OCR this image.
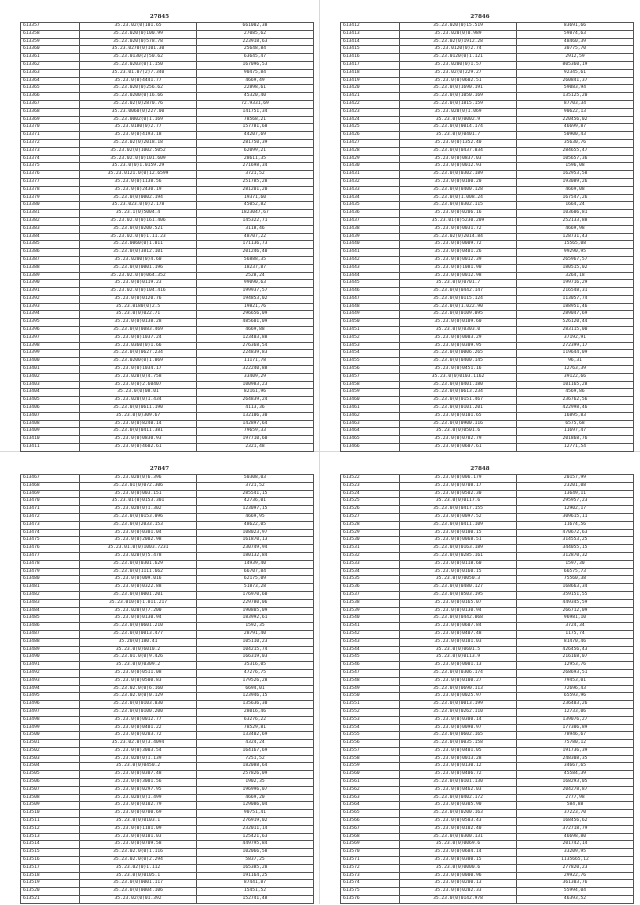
27845
613357	35.23.02(0)101.65	661002,38
613358	35.23.020(0)100.99	27085,62
613359	35.23.020(0)578.78	223918,63
613360	35.23.0270(0)101.30	25648,84
613361	35.23.0130(2)50.62	63645,47
613362	35.23.0203(0)1.150	167096,53
613363	35.23.01.07(2)7.340	90475,84
613364	35.23.0(0)4441.77	4669,49
613365	35.23.020(0)256.62	22898,61
613366	35.23.0200(0)16.66	45320,40
613367	35.23.02(0)2870.76	72.9331,69
613368	35.23.0060(0)227.00	141751,34
613369	35.23.0002(0)1.169	78568,21
613370	35.23.0180(0)2.77	157781,68
613371	35.23.0(0)4193.18	44207,69
613372	35.23.02(0)2018.18	281750,39
613373	35.23.02(0)1002.5052	62099,21
613374	35.23.02.0(0)101.609	28611,35
613375	35.23.0(0)1.0159.29	271698,34
613376	35.23.0121.0(0)12.6599	3721,52
613377	35.23.0(0)1138.56	251785,28
613378	35.23.0(0)2430.19	281201,20
613379	35.23.0(0)0002.194	19371,60
613380	35.23.023.0(0)2.178	45052,82
613381	35.23.1(0)5004.4	1823047,67
613382	35.23.02.0(0)161.406	145322,71
613383	35.23.0(0)0200.521	3118,46
613384	35.23.02.0(0)1.11.23	48707,22
613385	35.23.0060(0)1.011	171136,73
613386	35.23.0(0)3812.101	201246,40
613387	35.23.0200(0)4.60	56888,35
613388	35.23.0(0)0001.196	18237,87
613389	35.23.02.0(0)064.352	2528,24
613390	35.23.0(0)0119.23	99090,63
613391	35.23.02.0(0)104.416	199937,57
613392	35.23.0(0)0120.76	194853,02
613393	35.23.0180(0)2.5	19821,76
613394	35.23.0(0)022.71	296656,09
613395	35.23.0(0)0138.28	485601,09
613396	35.23.0(0)0083.469	4669,88
613397	35.23.0(0)1037.24	123403,88
613398	35.23.0360(0)1.66	276368,54
613399	35.23.0(0)0627.234	224839,83
613400	35.23.0200(0)1.069	11171,78
613401	35.23.0(0)1034.17	322240,88
613402	35.23.020(0)4.758	33409,29
613403	35.23.0(0)2.60407	100983,23
613404	35.23.0(0)08.01	82161,96
613405	35.23.020(0)1.434	264839,24
613406	35.23.0(0)0611.190	4113,36
613407	35.23.0(0)309.67	132106,30
613408	35.23.0(0)8240.14	142897,64
613409	35.23.0(0)0411.381	79659,33
613410	35.23.0(0)0830.93	197710,60
613411	35.23.0(0)4602.61	2321,48
27846
613412	35.23.020(0)15.519	83691,66
613413	35.23.020(0)0.989	59874,63
613414	35.23.02(0)1912.28	48460,39
613415	35.23.0120(0)2.74	30775,70
613416	35.23.0120(0)1.121	2912,59
613417	35.23.0200(0)1.57	805360,19
613418	35.23.02(0)229.27	92345,61
613419	35.23.0(0)0602.51	260841,37
613420	35.23.0(0)1690.191	59083,94
613421	35.23.0(0)1050.169	135125,20
613422	35.23.0(0)1815.159	87703,34
613423	35.23.020(0)1.069	90622,13
613424	35.23.0(0)0002.9	220456,02
613425	35.23.0(0)0014.174	46699,87
613426	35.23.0(0)0401.7	50900,43
613427	35.23.0(0)1352.40	35630,76
613428	35.23.0(0)0437.034	284655,47
613429	35.23.0(0)0837.03	105657,36
613430	35.23.0(0)0012.93	1596,08
613431	35.23.0(0)0302.189	162953,58
613432	35.23.0(0)0100.20	193089,26
613433	35.23.0(0)0400.128	4669,08
613434	35.23.0(0)1.008.24	167547,26
613435	35.23.0(0)0302.115	1664,24
613436	35.23.0(0)0206.16	103606,81
613437	35.23.01(0)5230.209	252133,88
613438	35.23.0(0)0031.72	4669,98
613439	35.23.02(0)2014.84	128731,43
613440	35.23.0(0)0009.72	15565,08
613441	35.23.0(0)0401.26	99290,95
613442	35.23.0(0)0012.39	265967,57
613443	35.23.0(0)1081.90	180515,02
613444	35.23.0(0)0012.98	3264,18
613445	35.23.0(0)0701.7	199716,29
613446	35.23.0(0)0442.147	216548,31
613447	35.23.0(0)0115.124	113057,74
613448	35.23.0(0)1.022.90	188951,46
613449	35.23.0(0)0109.095	289047,69
613450	35.23.0(0)0109.60	526120,44
613451	35.23.0(0)0303.0	283115,00
613452	35.23.0(0)0003.29	37192,91
613453	35.23.0(0)0309.95	272399,17
613454	35.23.0(0)0006.265	119644,09
613455	35.23.0(0)0400.145	96,31
613456	35.23.0(0)0451.16	12763,39
613457	35.23.0(0)0103.1162	39122,66
613458	35.23.0(0)0401.180	101165,28
613459	35.23.0(0)0613.234	4569,86
613460	35.23.0(0)0151.467	236762,56
613461	35.23.0(0)0101.201	422998,46
613462	35.23.0(0)0101.65	16895,83
613463	35.23.0(0)0900.116	6575,68
613464	35.23.0(0)0501.6	11697,47
613465	35.23.0(0)0702.79	201868,76
613466	35.23.0(0)0607.61	12771,54
27847
613467	35.23.020(0)6.396	50308,03
613468	35.23.01(0)072.306	3721,52
613469	35.23.0(0)003.151	285541,15
613470	35.23.01(0)0153.301	42736,01
613471	35.23.020(0)1.302	123097,15
613472	35.23.0(0)0153.096	4669,95
613473	35.23.0(0)2033.153	48622,05
613474	35.23.0(0)0301.04	108023,97
613475	35.23.0(0)2002.98	161870,13
613476	35.23.01.0(0)1003.7231	230749,94
613477	35.23.020(0)5.478	180132,84
613478	35.23.0(0)0301.629	14939,40
613479	35.23.0(0)1111.662	66707,84
613480	35.23.0(0)009.016	62175,09
613481	35.23.0(0)0322.88	51873,28
613482	35.23.0(0)0001.201	176970,60
613483	35.23.010(0)1.011.217	229780,06
613484	35.23.020(0)7.200	190805,09
613485	35.23.0(0)0130.94	183992,61
613486	35.23.0(0)0601.210	1592,35
613487	35.23.0(0)0013.477	28791,40
613488	35.20(0)180.41	105110,23
613489	35.23.0(0)6010.2	104215,74
613490	35.23.01.0(0)9.426	166319,03
613491	35.23.0(0)0309.2	35316,05
613492	35.23.0(0)0511.08	47276,75
613493	35.23.0(0)0500.83	179526,28
613494	35.23.02.0(0)6.160	6694,01
613495	35.23.02.0(0)0.129	123946,15
613496	35.23.0(0)0103.030	135636,30
613497	35.23.0(0)0100.200	28016,46
613498	35.23.0(0)0012.77	63276,22
613499	35.23.0(0)0401.22	78529,81
613500	35.23.0(0)0203.72	133402,69
613501	35.23.02.0(0)3.4094	4324,24
613502	35.23.0(0)3003.54	164167,69
613503	35.23.020(0)1.139	7251,52
613504	35.23.0(0)0450.2	182088,64
613505	35.23.0(0)0307.48	257826,09
613506	35.23.0(0)3001.56	1902,35
613507	35.23.0(0)0297.95	196996,07
613508	35.23.020(0)1.499	4669,20
613509	35.23.0(0)0102.79	129086,04
613510	35.23.0(0)0700.69	90751,41
613511	35.23.0(0)0103.1	276919,02
613512	35.23.0(0)1101.09	232011,14
613513	35.23.0(0)0101.03	125421,63
613514	35.23.0(0)0709.58	449795,84
613515	35.23.02.0(0)1.116	102066,58
613516	35.23.02.0(0)2.294	5837,25
613517	35.23.02(0)1.112	165385,28
613518	35.23.0(0)0105.1	191164,25
613519	35.23.0(0)0001.117	87441,87
613520	35.23.0(0)0004.106	15451,52
613521	35.23.02(0)01.392	152741,48
27848
613522	35.23.0(0)006.179	20157,99
613523	35.23.0(0)0708.17	23201,08
613524	35.23.0(0)0502.30	13649,11
613525	35.23.0(0)0117.6	295957,23
613526	35.23.0(0)0417.155	12902,17
613527	35.23.0(0)0097.52	309615,11
613528	35.23.0(0)0411.109	11674,56
613529	35.23.0(0)0100.15	470672,63
613530	35.23.0(0)0068.51	314553,25
613531	35.23.0(0)0163.189	344055,15
613532	35.23.0(0)0285.161	312870,32
613533	35.23.0(0)0118.60	1597,30
613534	35.23.0(0)0160.15	66575,73
613535	35.23.0(0)0050.3	75560,38
613536	35.23.0(0)0480.127	168663,34
613537	35.23.0(0)0503.195	359151,55
613538	35.23.0(0)0165.07	449345,59
613539	35.23.0(0)0130.94	266712,09
613540	35.23.0(0)0442.068	96981,10
613541	35.23.0(0)0607.84	3724,34
613542	35.23.0(0)0407.48	1175,74
613543	35.23.0(0)0101.03	81470,46
613544	35.23.0(0)0601.5	426456,43
613545	35.23.0(0)0113.9	216168,07
613546	35.23.0(0)0001.13	12953,76
613547	35.23.0(0)0306.174	268693,51
613548	35.23.0(0)0100.27	79453,01
613549	35.23.0(0)0690.113	72696,43
613550	35.23.0(0)0025.97	65593,96
613551	35.23.0(0)0013.199	236403,26
613552	35.23.0(0)0262.110	12733,06
613553	35.23.0(0)0300.14	139076,27
613554	35.23.0(0)0090.97	177306,89
613555	35.23.0(0)0602.165	78946,67
613556	35.23.0(0)0035.158	75780,12
613557	35.23.0(0)0401.05	191736,39
613558	35.23.0(0)0013.28	248308,35
613559	35.23.0(0)0130.12	34667,65
613560	35.23.0(0)0406.72	45584,39
613561	35.23.0(0)0101.130	168293,05
613562	35.23.0(0)0462.03	204278,87
613563	35.23.0(0)0402.172	2777,98
613564	35.23.0(0)0305.90	584,88
613565	35.23.0(0)0200.163	37223,70
613566	35.23.0(0)0503.43	168456,62
613567	35.23.0(0)0102.40	372718,79
613568	35.23.0(0)0300.131	46698,80
613569	35.23.0(0)0069.6	201742,14
613570	35.23.0(0)0604.14	33209,95
613571	35.23.0(0)0300.15	1135665,12
613572	35.23.0(0)0000.6	277820,23
613573	35.23.0(0)0000.96	29922,76
613574	35.23.0(0)0200.13	361303,76
613575	35.23.0(0)0202.33	55994,04
613576	35.23.0(0)0142.978	46393,52
